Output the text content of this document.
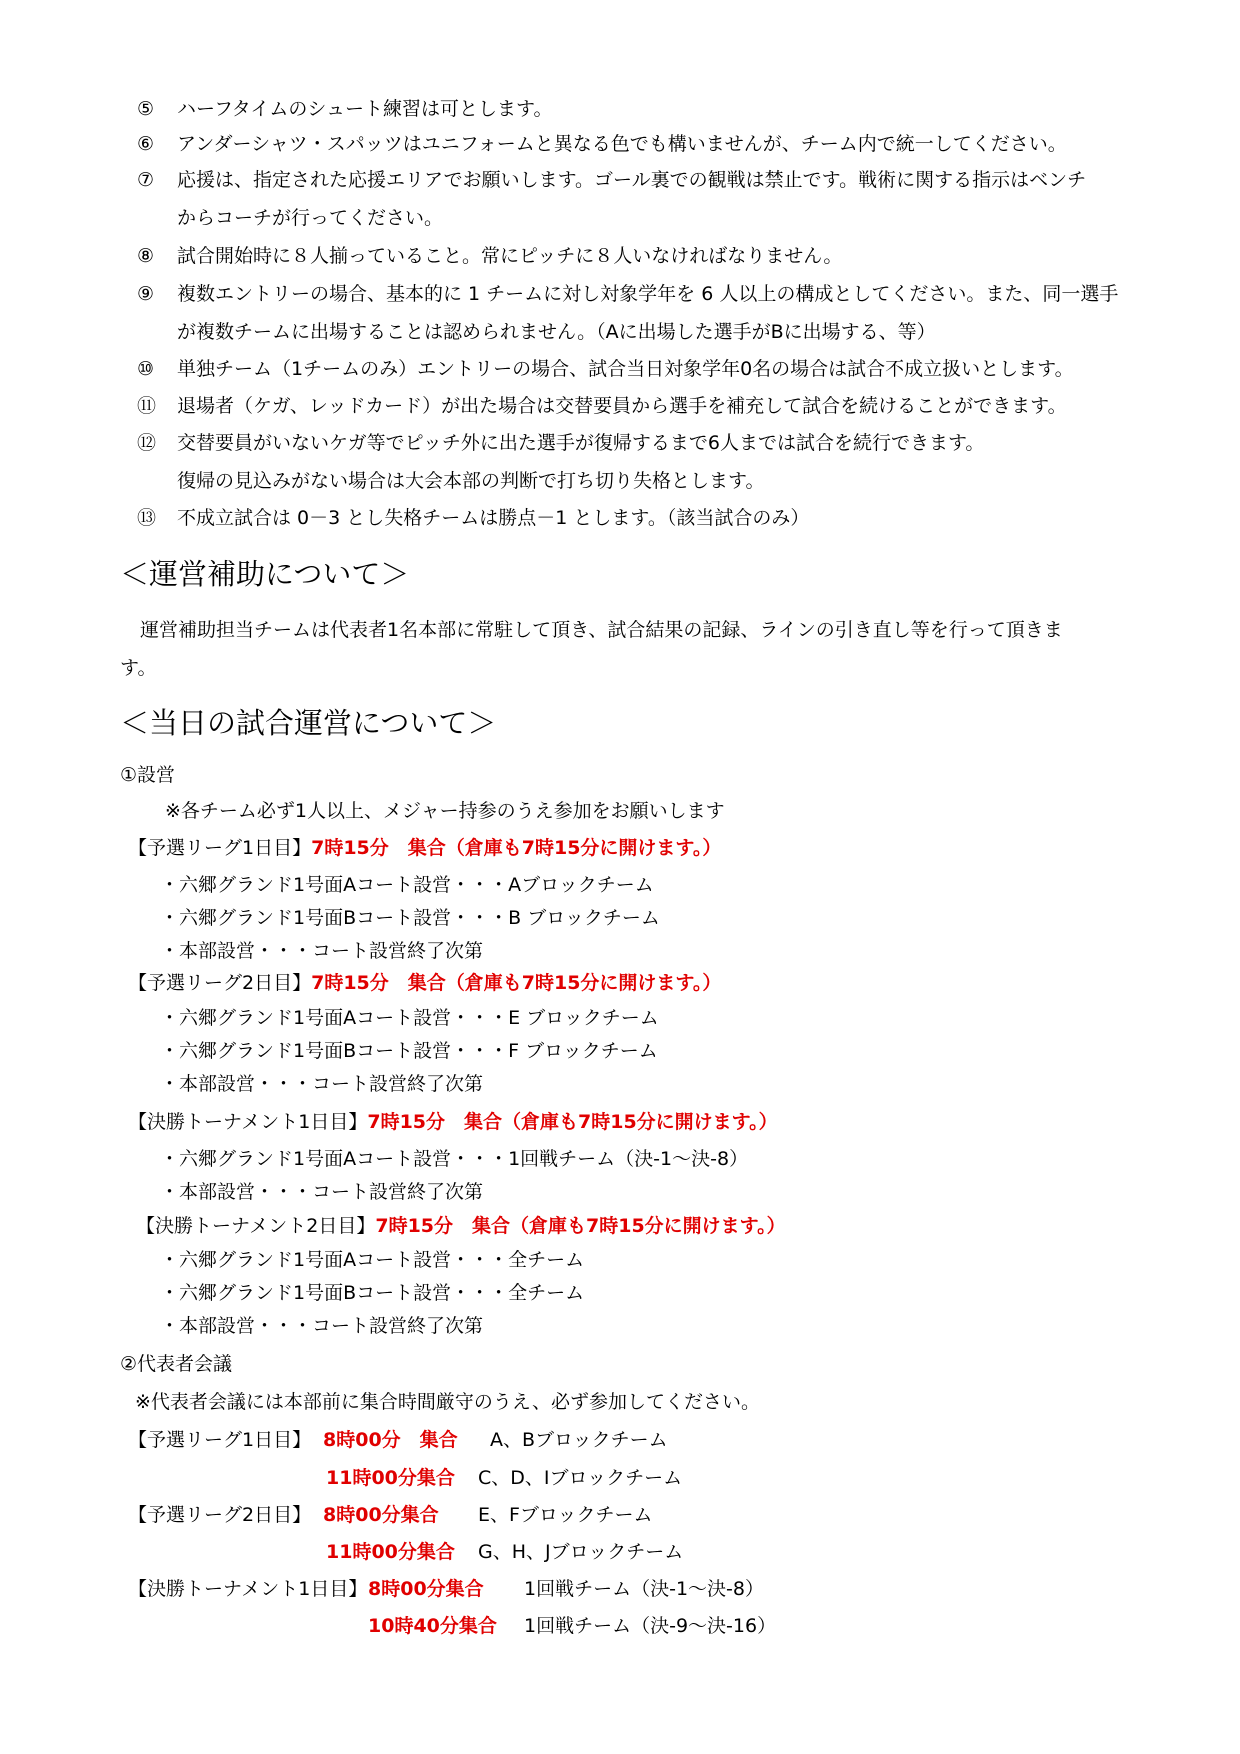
⑤ ハーフタイムのシュート練習は可とします。
⑥ アンダーシャツ・スパッツはユニフォームと異なる色でも構いませんが、チーム内で統一してください。
⑦ 応援は、指定された応援エリアでお願いします。ゴール裏での観戦は禁止です。戦術に関する指示はベンチ
からコーチが行ってください。
⑧ 試合開始時に８人揃っていること。常にピッチに８人いなければなりません。
⑨ 複数エントリーの場合、基本的に 1 チームに対し対象学年を 6 人以上の構成としてください。また、同一選手
が複数チームに出場することは認められません。（Aに出場した選手がBに出場する、等）
⑩ 単独チーム（1チームのみ）エントリーの場合、試合当日対象学年0名の場合は試合不成立扱いとします。
⑪ 退場者（ケガ、レッドカード）が出た場合は交替要員から選手を補充して試合を続けることができます。
⑫ 交替要員がいないケガ等でピッチ外に出た選手が復帰するまで6人までは試合を続行できます。
復帰の見込みがない場合は大会本部の判断で打ち切り失格とします。
⑬ 不成立試合は 0－3 とし失格チームは勝点－1 とします。（該当試合のみ）
＜運営補助について＞
運営補助担当チームは代表者1名本部に常駐して頂き、試合結果の記録、ラインの引き直し等を行って頂きま
す。
＜当日の試合運営について＞
①設営
※各チーム必ず1人以上、メジャー持参のうえ参加をお願いします
【予選リーグ1日目】7時15分　集合（倉庫も7時15分に開けます。）
・六郷グランド1号面Aコート設営・・・Aブロックチーム
・六郷グランド1号面Bコート設営・・・B ブロックチーム
・本部設営・・・コート設営終了次第
【予選リーグ2日目】7時15分　集合（倉庫も7時15分に開けます。）
・六郷グランド1号面Aコート設営・・・E ブロックチーム
・六郷グランド1号面Bコート設営・・・F ブロックチーム
・本部設営・・・コート設営終了次第
【決勝トーナメント1日目】7時15分　集合（倉庫も7時15分に開けます。）
・六郷グランド1号面Aコート設営・・・1回戦チーム（決-1～決-8）
・本部設営・・・コート設営終了次第
【決勝トーナメント2日目】7時15分　集合（倉庫も7時15分に開けます。）
・六郷グランド1号面Aコート設営・・・全チーム
・六郷グランド1号面Bコート設営・・・全チーム
・本部設営・・・コート設営終了次第
②代表者会議
※代表者会議には本部前に集合時間厳守のうえ、必ず参加してください。
【予選リーグ1日目】 8時00分　集合 A、Bブロックチーム
11時00分集合 C、D、Iブロックチーム
【予選リーグ2日目】 8時00分集合 E、Fブロックチーム
11時00分集合 G、H、Jブロックチーム
【決勝トーナメント1日目】 8時00分集合 1回戦チーム（決-1～決-8）
10時40分集合 1回戦チーム（決-9～決-16）
